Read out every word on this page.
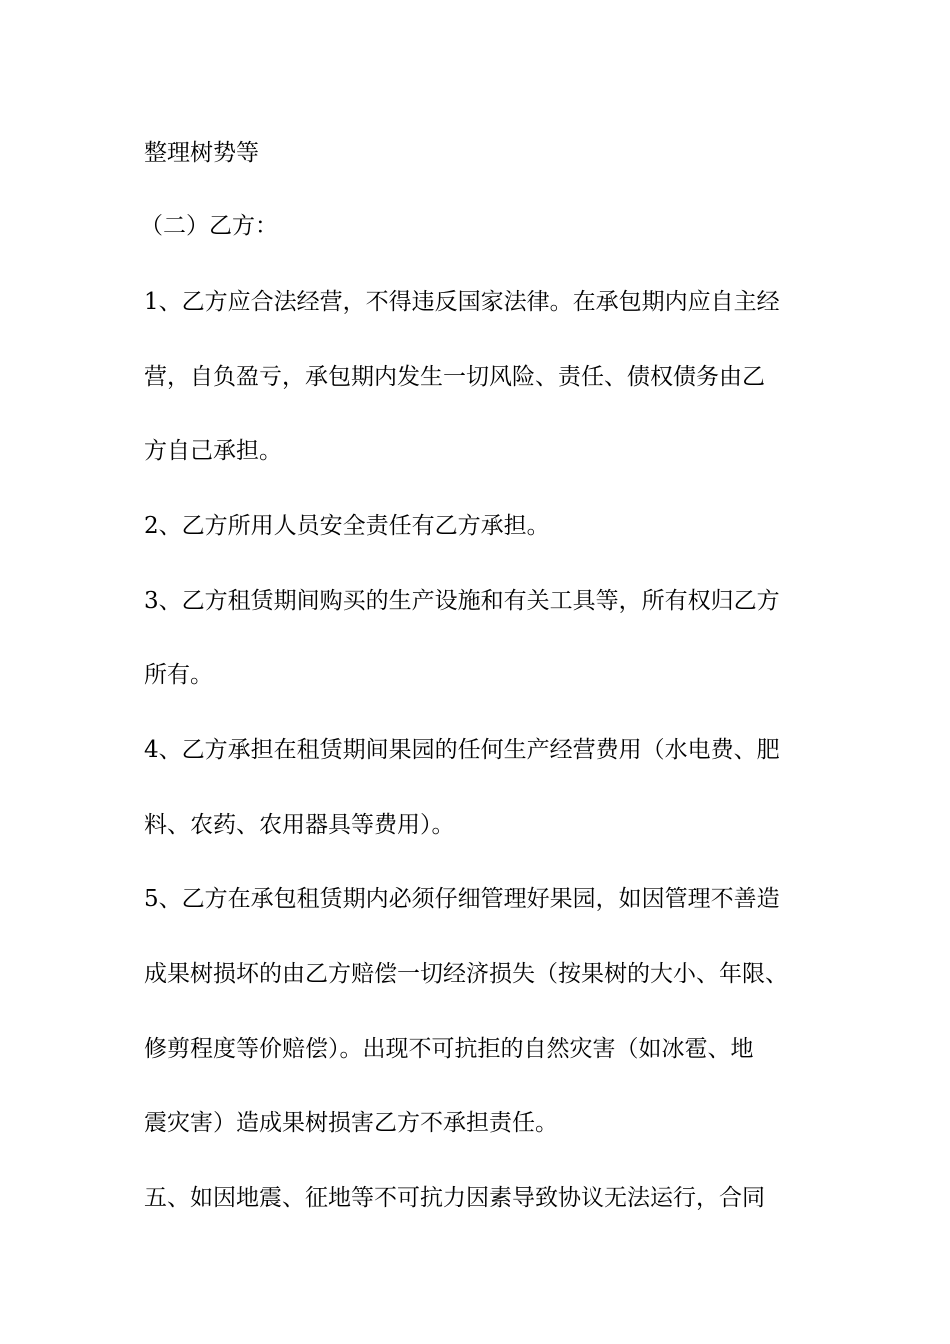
整理树势等
（二）乙方：
1、乙方应合法经营，不得违反国家法律。在承包期内应自主经
营，自负盈亏，承包期内发生一切风险、责任、债权债务由乙
方自己承担。
2、乙方所用人员安全责任有乙方承担。
3、乙方租赁期间购买的生产设施和有关工具等，所有权归乙方
所有。
4、乙方承担在租赁期间果园的任何生产经营费用（水电费、肥
料、农药、农用器具等费用）。
5、乙方在承包租赁期内必须仔细管理好果园，如因管理不善造
成果树损坏的由乙方赔偿一切经济损失（按果树的大小、年限、
修剪程度等价赔偿）。出现不可抗拒的自然灾害（如冰雹、地
震灾害）造成果树损害乙方不承担责任。
五、如因地震、征地等不可抗力因素导致协议无法运行，合同
